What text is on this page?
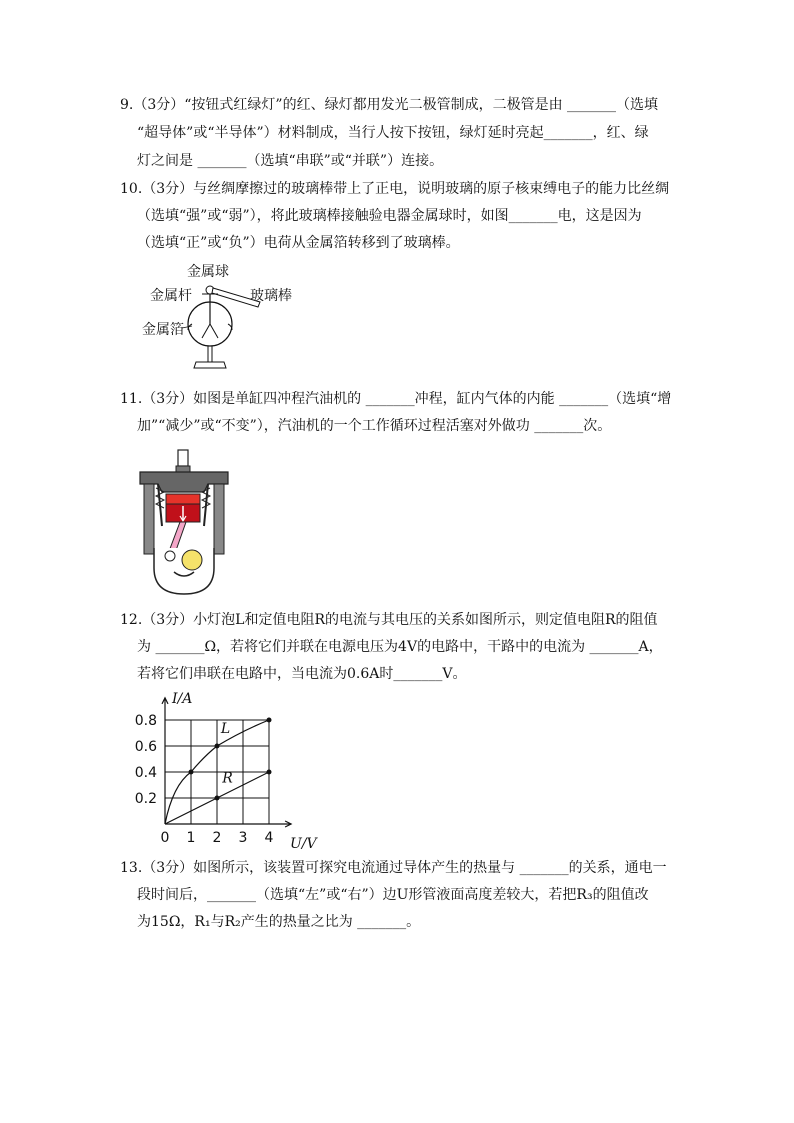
9.（3分）“按钮式红绿灯”的红、绿灯都用发光二极管制成，二极管是由 _______（选填
“超导体”或“半导体”）材料制成，当行人按下按钮，绿灯延时亮起_______，红、绿
灯之间是 _______（选填“串联”或“并联”）连接。
10.（3分）与丝绸摩擦过的玻璃棒带上了正电，说明玻璃的原子核束缚电子的能力比丝绸
（选填“强”或“弱”），将此玻璃棒接触验电器金属球时，如图_______电，这是因为
（选填“正”或“负”）电荷从金属箔转移到了玻璃棒。
金属球
金属杆	玻璃棒
金属箔
11.（3分）如图是单缸四冲程汽油机的 _______冲程，缸内气体的内能 _______（选填“增
加”“减少”或“不变”），汽油机的一个工作循环过程活塞对外做功 _______次。
12.（3分）小灯泡L和定值电阻R的电流与其电压的关系如图所示，则定值电阻R的阻值
为 _______Ω，若将它们并联在电源电压为4V的电路中，干路中的电流为 _______A，
若将它们串联在电路中，当电流为0.6A时_______V。
0 1 2 3 4
0.2
0.4
0.6
0.8	L
R
I/A
U/V
13.（3分）如图所示，该装置可探究电流通过导体产生的热量与 _______的关系，通电一
段时间后，_______（选填“左”或“右”）边U形管液面高度差较大，若把R₃的阻值改
为15Ω，R₁与R₂产生的热量之比为 _______。
